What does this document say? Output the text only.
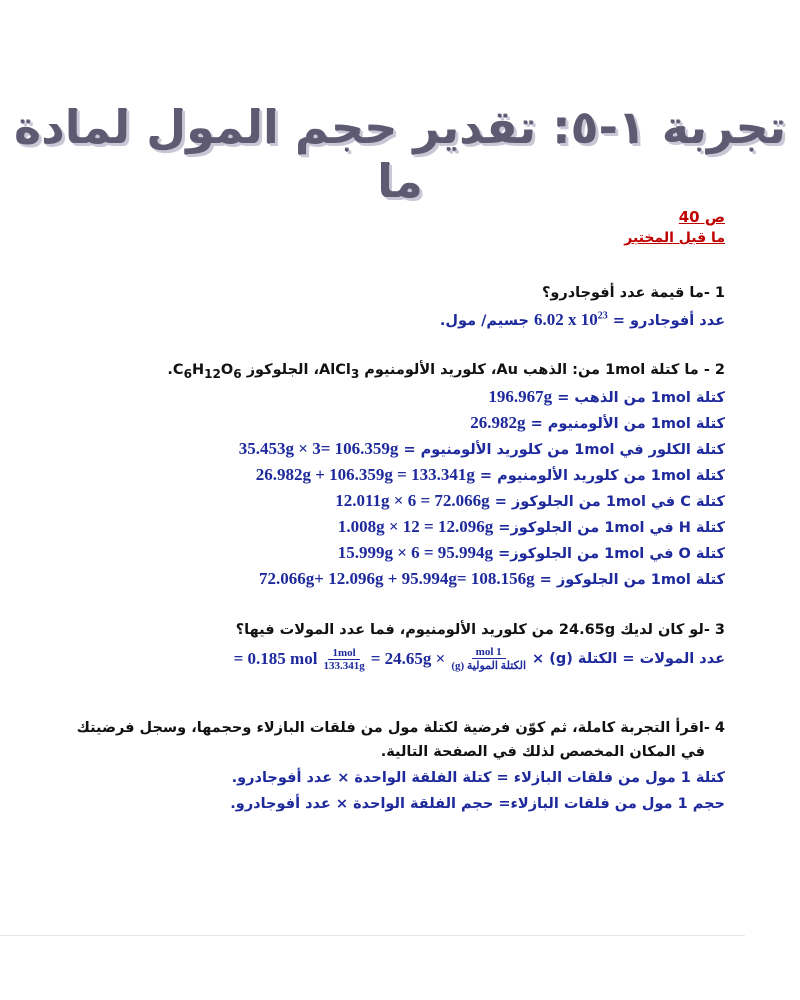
تجربة ١-٥: تقدير حجم المول لمادة ما
ص 40
ما قبل المختبر
1 -ما قيمة عدد أفوجادرو؟
عدد أفوجادرو = 6.02 x $10^{23}$ جسيم/ مول.
2 - ما كتلة 1mol من: الذهب Au، كلوريد الألومنيوم AlCl$_3$، الجلوكوز $C_6H_{12}O_6$.
كتلة 1mol من الذهب = 196.967g
كتلة 1mol من الألومنيوم = 26.982g
كتلة الكلور في 1mol من كلوريد الألومنيوم = 35.453g × 3= 106.359g
كتلة 1mol من كلوريد الألومنيوم = 26.982g + 106.359g = 133.341g
كتلة C في 1mol من الجلوكوز = 12.011g × 6 = 72.066g
كتلة H في 1mol من الجلوكوز= 1.008g × 12 = 12.096g
كتلة O في 1mol من الجلوكوز= 15.999g × 6 = 95.994g
كتلة 1mol من الجلوكوز = 72.066g+ 12.096g + 95.994g= 108.156g
3 -لو كان لديك 24.65g من كلوريد الألومنيوم، فما عدد المولات فيها؟
عدد المولات = الكتلة (g) ×
$\frac{\text{1 mol}}{\text{الكتلة المولية (g)}}$
= 24.65g ×
$\frac{\text{1mol}}{133.341g}$
= 0.185 mol
4 -اقرأ التجربة كاملة، ثم كوّن فرضية لكتلة مول من فلقات البازلاء وحجمها، وسجل فرضيتك
في المكان المخصص لذلك في الصفحة التالية.
كتلة 1 مول من فلقات البازلاء = كتلة الفلقة الواحدة × عدد أفوجادرو.
حجم 1 مول من فلقات البازلاء= حجم الفلقة الواحدة × عدد أفوجادرو.
